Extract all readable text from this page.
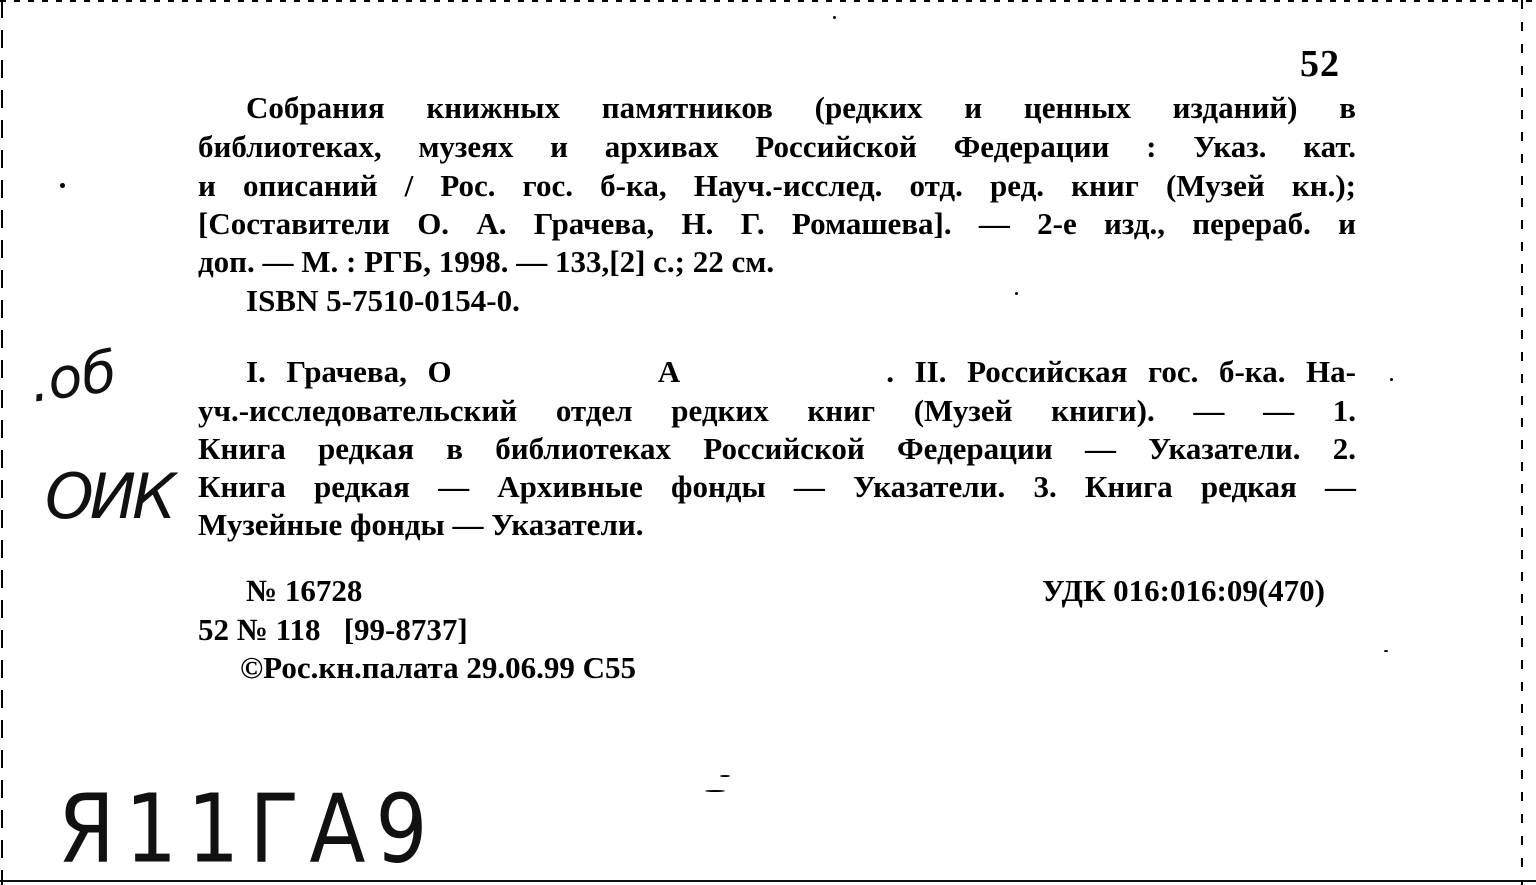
52
Собрания книжных памятников (редких и ценных изданий) в
библиотеках, музеях и архивах Российской Федерации : Указ. кат.
и описаний / Рос. гос. б-ка, Науч.-исслед. отд. ред. книг (Музей кн.);
[Составители О. А. Грачева, Н. Г. Ромашева]. — 2-е изд., перераб. и
доп. — М. : РГБ, 1998. — 133,[2] с.; 22 см.
ISBN 5-7510-0154-0.
I. Грачева, О          А          . II. Российская гос. б-ка. На-
уч.-исследовательский отдел редких книг (Музей книги). — — 1.
Книга редкая в библиотеках Российской Федерации — Указатели. 2.
Книга редкая — Архивные фонды — Указатели. 3. Книга редкая —
Музейные фонды — Указатели.
№ 16728	УДК 016:016:09(470)
52 № 118   [99-8737]
©Рос.кн.палата 29.06.99 С55
.об
ОИК
Я11ГА9
